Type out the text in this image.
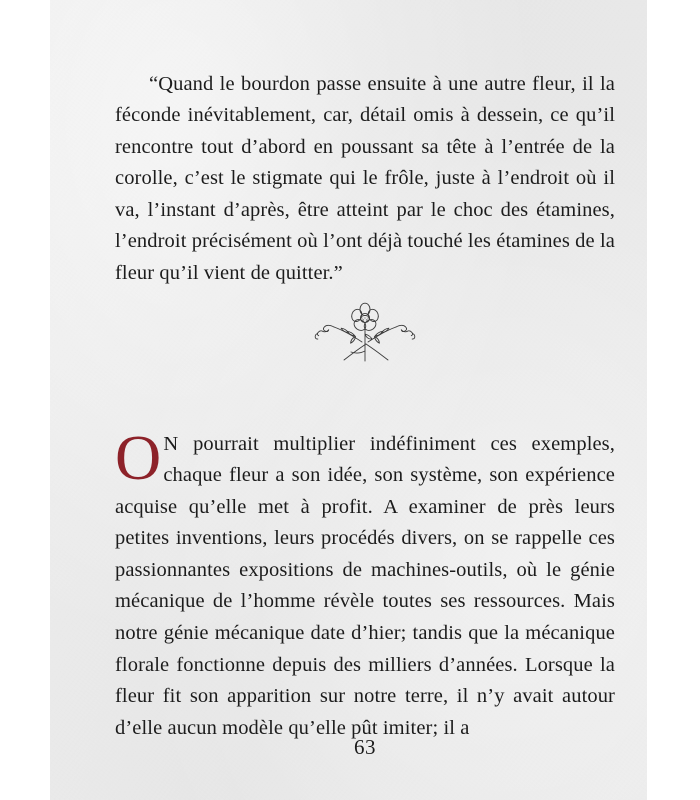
“Quand le bourdon passe ensuite à une autre fleur, il la féconde inévitablement, car, détail omis à dessein, ce qu’il rencontre tout d’abord en poussant sa tête à l’entrée de la corolle, c’est le stigmate qui le frôle, juste à l’endroit où il va, l’instant d’après, être atteint par le choc des étamines, l’endroit précisément où l’ont déjà touché les étamines de la fleur qu’il vient de quitter.”

O N pourrait multiplier indéfiniment ces exemples, chaque fleur a son idée, son système, son expérience acquise qu’elle met à profit. A examiner de près leurs petites inventions, leurs procédés divers, on se rappelle ces passionnantes expositions de machines-outils, où le génie mécanique de l’homme révèle toutes ses ressources. Mais notre génie mécanique date d’hier; tandis que la mécanique florale fonctionne depuis des milliers d’années. Lorsque la fleur fit son apparition sur notre terre, il n’y avait autour d’elle aucun modèle qu’elle pût imiter; il a

63
